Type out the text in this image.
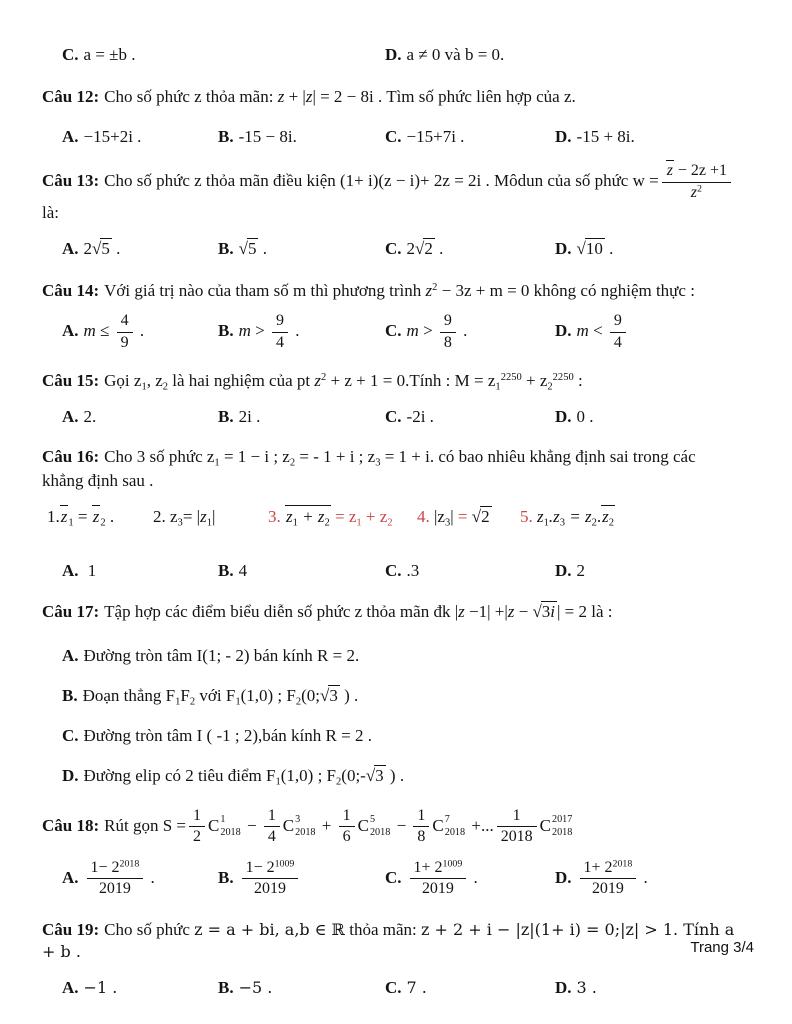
C. a = ±b .	D. a ≠ 0 và b = 0.
Câu 12: Cho số phức z thỏa mãn: z + |z| = 2 − 8i . Tìm số phức liên hợp của z.
A. −15+2i .	B. -15 − 8i.	C. −15+7i .	D. -15 + 8i.
Câu 13: Cho số phức z thỏa mãn điều kiện (1+ i)(z − i)+ 2z = 2i . Môdun của số phức $w = \frac{z - 2z +1}{z^2}$
là:
A. 2√5 .	B. √5 .	C. 2√2 .	D. √10 .
Câu 14: Với giá trị nào của tham số m thì phương trình $z^2 - 3z + m = 0$ không có nghiệm thực :
A. $m \le \frac{4}{9}$ .	B. $m > \frac{9}{4}$ .	C. $m > \frac{9}{8}$ .	D. $m < \frac{9}{4}$
Câu 15: Gọi $z_1$, $z_2$ là hai nghiệm của pt $z^2 + z + 1$ = 0.Tính : $M = z_1^{2250} + z_2^{2250}$ :
A. 2.	B. 2i .	C. -2i .	D. 0 .
Câu 16: Cho 3 số phức $z_1 = 1 - i$ ; $z_2$ = - 1 + i ; $z_3 = 1 + i$. có bao nhiêu khẳng định sai trong các
khẳng định sau .
$1.z_1 = z_2$ . 2. $z_3= |z_1|$	3. $z_1 + z_2 = z_1 + z_2$ 4. $|z_3| = √2$ 5. $z_1.z_3 = z_2.z_2$
A. 1	B. 4	C. .3	D. 2
Câu 17: Tập hợp các điểm biểu diễn số phức z thỏa mãn đk |z −1| +|z − √3i | = 2 là :
A. Đường tròn tâm I(1; - 2) bán kính R = 2.
B. Đoạn thẳng $F_1F_2$ với $F_1(1,0)$ ; $F_2(0;√3$ ) .
C. Đường tròn tâm I ( -1 ; 2),bán kính R = 2 .
D. Đường elip có 2 tiêu điểm $F_1(1,0)$ ; $F_2(0;-√3$ ) .
Câu 18: Rút gọn $S = \frac{1}{2}$ C 1
$2018 - \frac{1}{4}$ C 3
$2018 + \frac{1}{6}$ C 5
$2018 - \frac{1}{8}$ C 7
2018 +... $\frac{1}{2018}$ C 2017
2018
A. $\frac{1- 2^{2018}}{2019}$ .	B. $\frac{1- 2^{1009}}{2019}$	C. $\frac{1+ 2^{1009}}{2019}$ .	D. $\frac{1+ 2^{2018}}{2019}$ .
Câu 19: Cho số phức z = a + bi, a,b ∈ ℝ thỏa mãn: z + 2 + i − |z|(1+ i) = 0;|z| > 1. Tính a + b .
A. −1 .	B. −5 .	C. 7 .	D. 3 .
Trang 3/4
